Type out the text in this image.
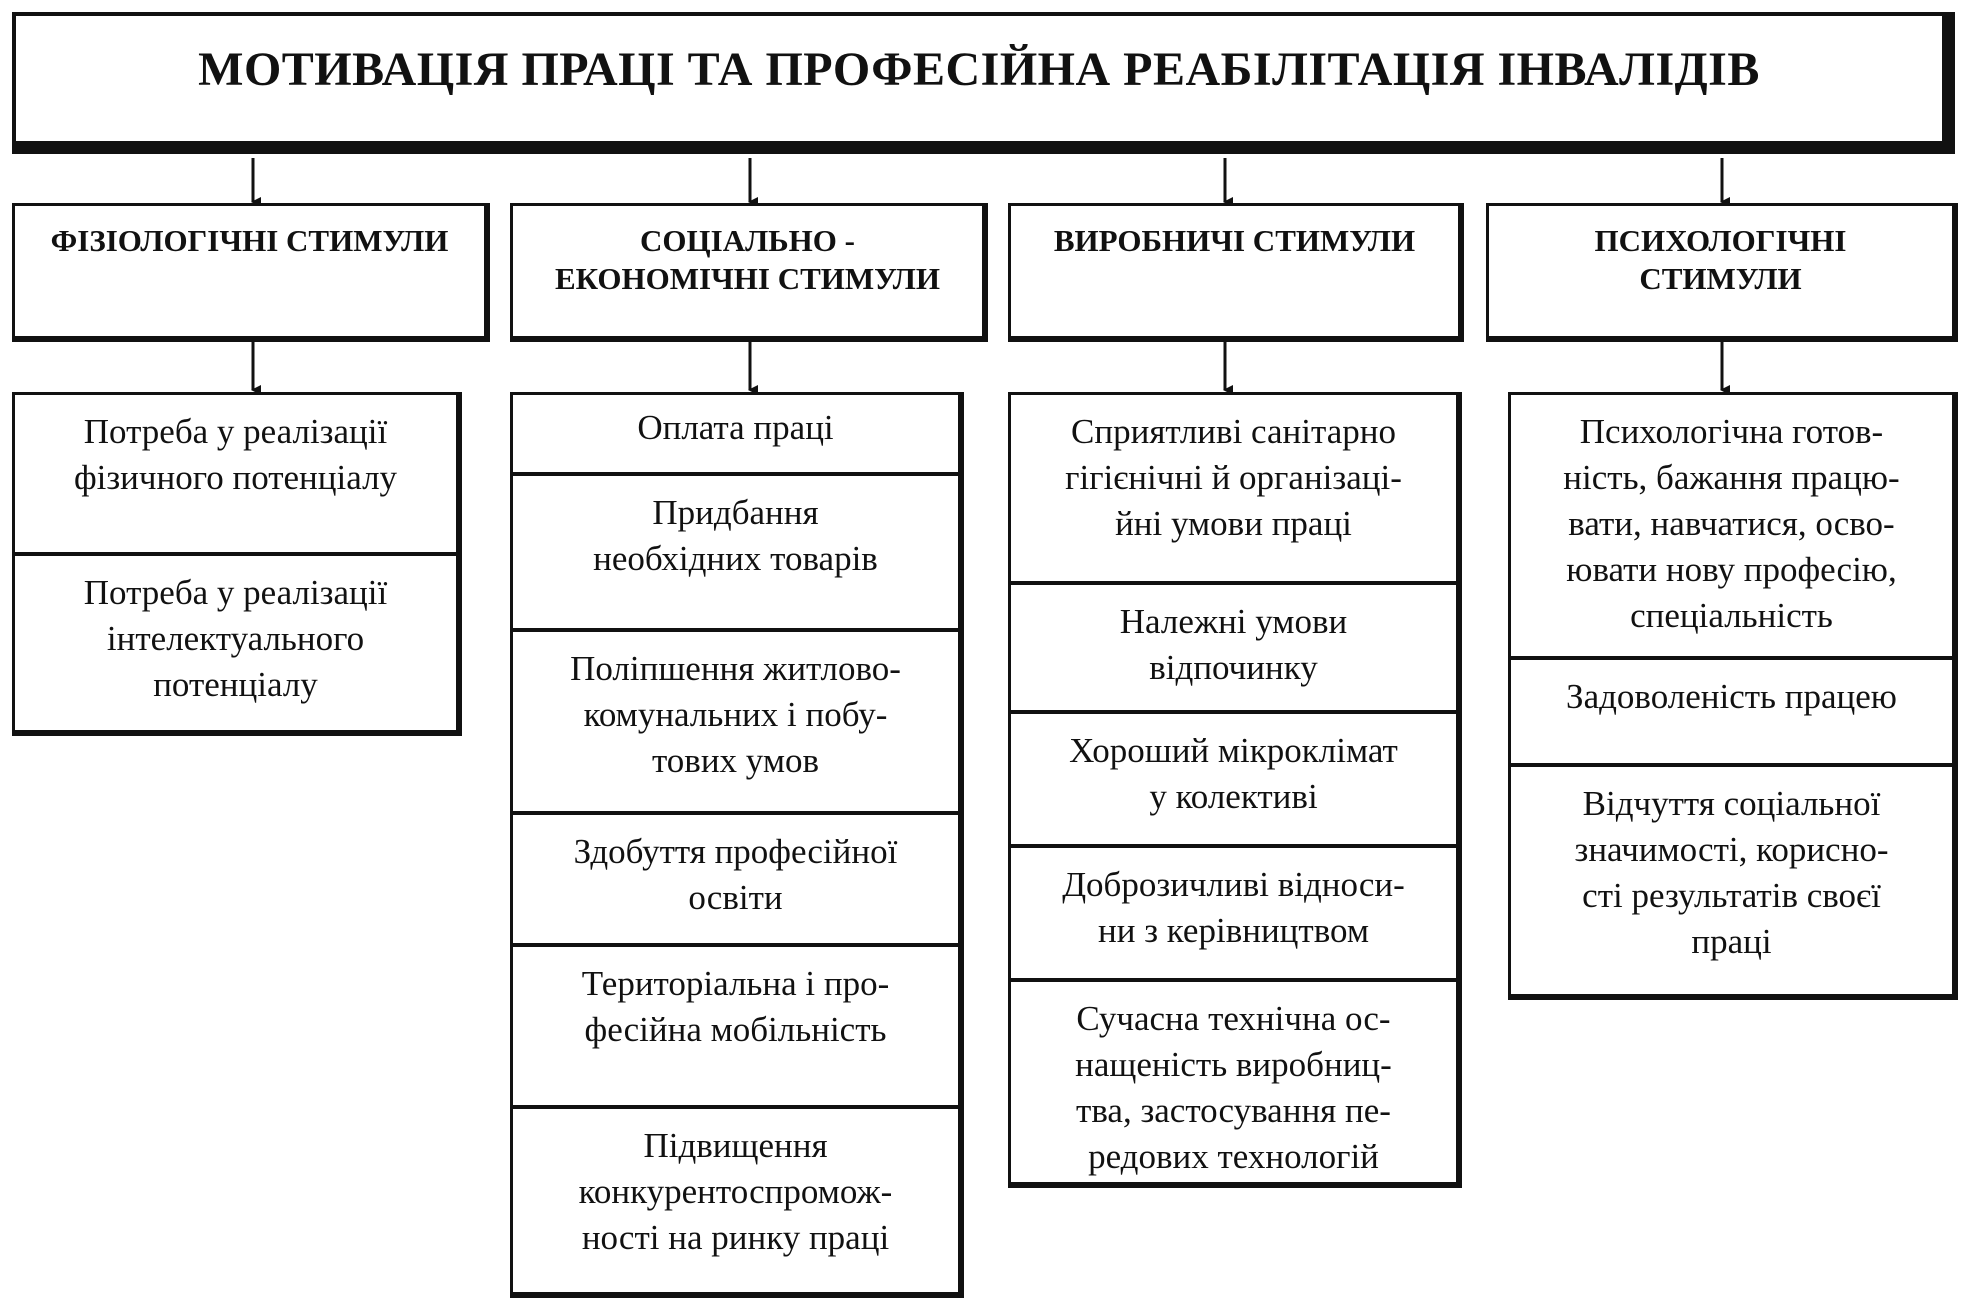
МОТИВАЦІЯ ПРАЦІ ТА ПРОФЕСІЙНА РЕАБІЛІТАЦІЯ ІНВАЛІДІВ
ФІЗІОЛОГІЧНІ СТИМУЛИ	СОЦІАЛЬНО -
ЕКОНОМІЧНІ СТИМУЛИ
ВИРОБНИЧІ СТИМУЛИ	ПСИХОЛОГІЧНІ
СТИМУЛИ
Потреба у реалізації
фізичного потенціалу
Потреба у реалізації
інтелектуального
потенціалу
Оплата праці
Придбання
необхідних товарів
Поліпшення житлово-
комунальних і побу-
тових умов
Здобуття професійної
освіти
Територіальна і про-
фесійна мобільність
Підвищення
конкурентоспромож-
ності на ринку праці
Сприятливі санітарно
гігієнічні й організаці-
йні умови праці
Належні умови
відпочинку
Хороший мікроклімат
у колективі
Доброзичливі відноси-
ни з керівництвом
Сучасна технічна ос-
нащеність виробниц-
тва, застосування пе-
редових технологій
Психологічна готов-
ність, бажання працю-
вати, навчатися, осво-
ювати нову професію,
спеціальність
Задоволеність працею
Відчуття соціальної
значимості, корисно-
сті результатів своєї
праці
